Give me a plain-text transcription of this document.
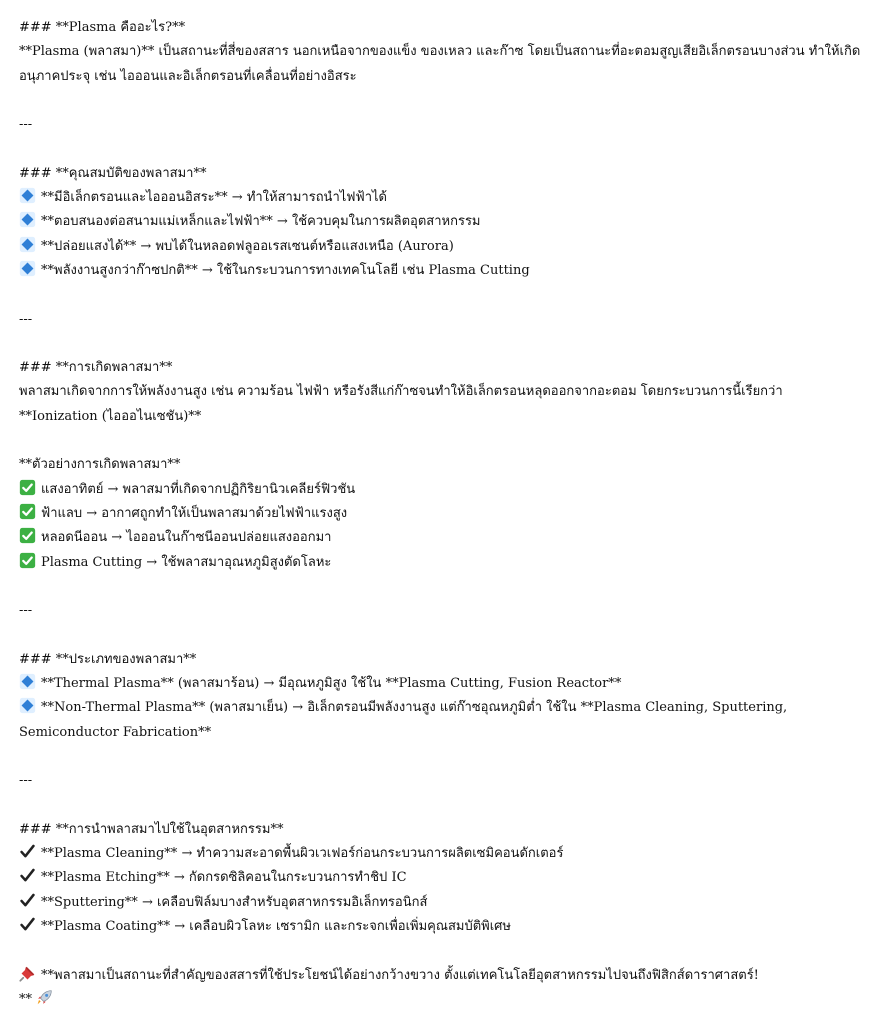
### **Plasma คืออะไร?**
**Plasma (พลาสมา)** เป็นสถานะที่สี่ของสสาร นอกเหนือจากของแข็ง ของเหลว และก๊าซ โดยเป็นสถานะที่อะตอมสูญเสียอิเล็กตรอนบางส่วน ทำให้เกิดอนุภาคประจุ เช่น ไอออนและอิเล็กตรอนที่เคลื่อนที่อย่างอิสระ
---
### **คุณสมบัติของพลาสมา**
**มีอิเล็กตรอนและไอออนอิสระ** → ทำให้สามารถนำไฟฟ้าได้
**ตอบสนองต่อสนามแม่เหล็กและไฟฟ้า** → ใช้ควบคุมในการผลิตอุตสาหกรรม
**ปล่อยแสงได้** → พบได้ในหลอดฟลูออเรสเซนต์หรือแสงเหนือ (Aurora)
**พลังงานสูงกว่าก๊าซปกติ** → ใช้ในกระบวนการทางเทคโนโลยี เช่น Plasma Cutting
---
### **การเกิดพลาสมา**
พลาสมาเกิดจากการให้พลังงานสูง เช่น ความร้อน ไฟฟ้า หรือรังสีแก่ก๊าซจนทำให้อิเล็กตรอนหลุดออกจากอะตอม โดยกระบวนการนี้เรียกว่า **Ionization (ไอออไนเซชัน)**
**ตัวอย่างการเกิดพลาสมา**
แสงอาทิตย์ → พลาสมาที่เกิดจากปฏิกิริยานิวเคลียร์ฟิวชัน
ฟ้าแลบ → อากาศถูกทำให้เป็นพลาสมาด้วยไฟฟ้าแรงสูง
หลอดนีออน → ไอออนในก๊าซนีออนปล่อยแสงออกมา
Plasma Cutting → ใช้พลาสมาอุณหภูมิสูงตัดโลหะ
---
### **ประเภทของพลาสมา**
**Thermal Plasma** (พลาสมาร้อน) → มีอุณหภูมิสูง ใช้ใน **Plasma Cutting, Fusion Reactor**
**Non-Thermal Plasma** (พลาสมาเย็น) → อิเล็กตรอนมีพลังงานสูง แต่ก๊าซอุณหภูมิต่ำ ใช้ใน **Plasma Cleaning, Sputtering, Semiconductor Fabrication**
---
### **การนำพลาสมาไปใช้ในอุตสาหกรรม**
**Plasma Cleaning** → ทำความสะอาดพื้นผิวเวเฟอร์ก่อนกระบวนการผลิตเซมิคอนดักเตอร์
**Plasma Etching** → กัดกรดซิลิคอนในกระบวนการทำชิป IC
**Sputtering** → เคลือบฟิล์มบางสำหรับอุตสาหกรรมอิเล็กทรอนิกส์
**Plasma Coating** → เคลือบผิวโลหะ เซรามิก และกระจกเพื่อเพิ่มคุณสมบัติพิเศษ
**พลาสมาเป็นสถานะที่สำคัญของสสารที่ใช้ประโยชน์ได้อย่างกว้างขวาง ตั้งแต่เทคโนโลยีอุตสาหกรรมไปจนถึงฟิสิกส์ดาราศาสตร์!
**
